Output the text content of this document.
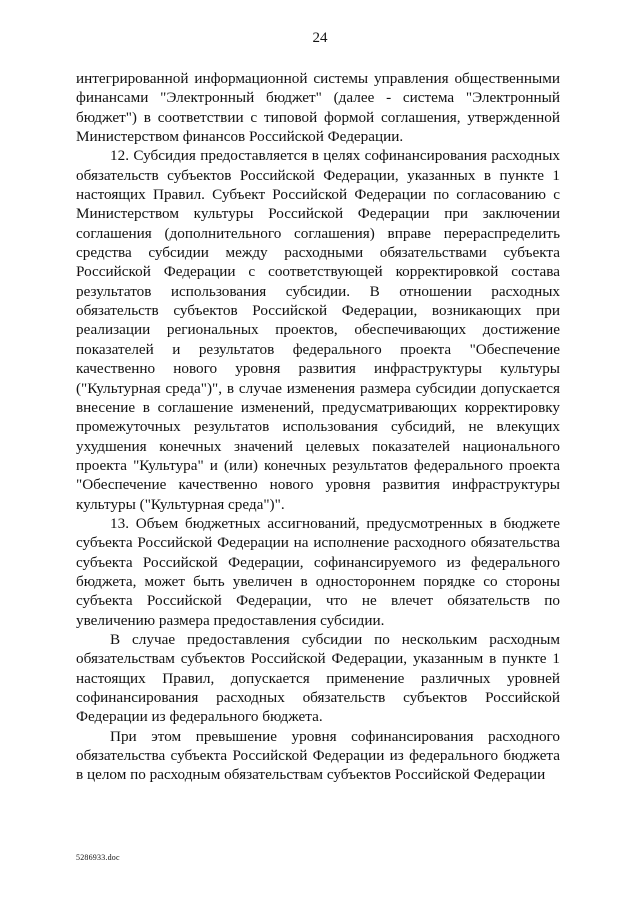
24

интегрированной информационной системы управления общественными финансами "Электронный бюджет" (далее - система "Электронный бюджет") в соответствии с типовой формой соглашения, утвержденной Министерством финансов Российской Федерации.

12. Субсидия предоставляется в целях софинансирования расходных обязательств субъектов Российской Федерации, указанных в пункте 1 настоящих Правил. Субъект Российской Федерации по согласованию с Министерством культуры Российской Федерации при заключении соглашения (дополнительного соглашения) вправе перераспределить средства субсидии между расходными обязательствами субъекта Российской Федерации с соответствующей корректировкой состава результатов использования субсидии. В отношении расходных обязательств субъектов Российской Федерации, возникающих при реализации региональных проектов, обеспечивающих достижение показателей и результатов федерального проекта "Обеспечение качественно нового уровня развития инфраструктуры культуры ("Культурная среда")", в случае изменения размера субсидии допускается внесение в соглашение изменений, предусматривающих корректировку промежуточных результатов использования субсидий, не влекущих ухудшения конечных значений целевых показателей национального проекта "Культура" и (или) конечных результатов федерального проекта "Обеспечение качественно нового уровня развития инфраструктуры культуры ("Культурная среда")".

13. Объем бюджетных ассигнований, предусмотренных в бюджете субъекта Российской Федерации на исполнение расходного обязательства субъекта Российской Федерации, софинансируемого из федерального бюджета, может быть увеличен в одностороннем порядке со стороны субъекта Российской Федерации, что не влечет обязательств по увеличению размера предоставления субсидии.

В случае предоставления субсидии по нескольким расходным обязательствам субъектов Российской Федерации, указанным в пункте 1 настоящих Правил, допускается применение различных уровней софинансирования расходных обязательств субъектов Российской Федерации из федерального бюджета.

При этом превышение уровня софинансирования расходного обязательства субъекта Российской Федерации из федерального бюджета в целом по расходным обязательствам субъектов Российской Федерации

5286933.doc
